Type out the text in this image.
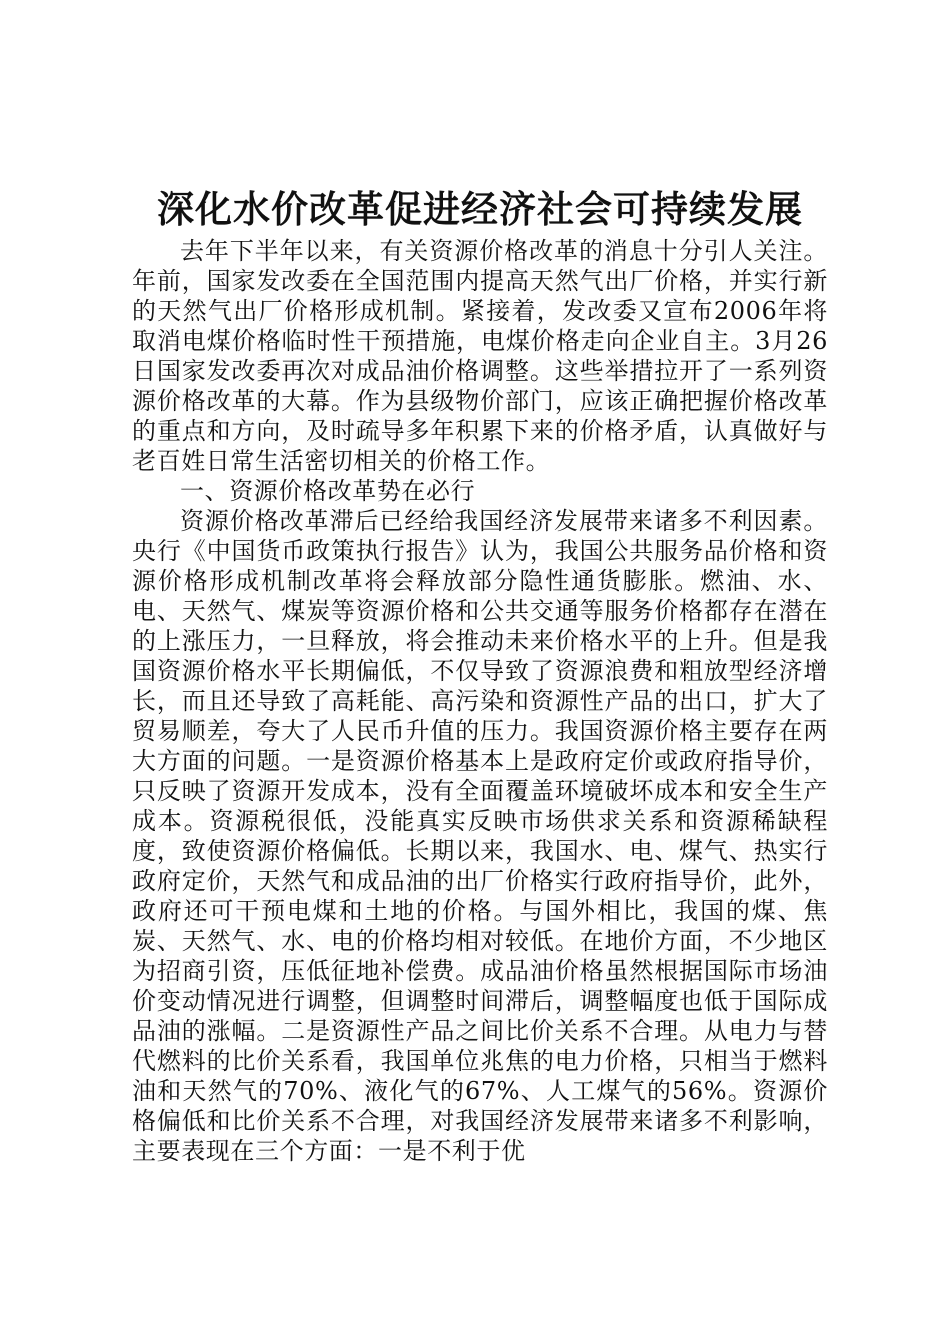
深化水价改革促进经济社会可持续发展

去年下半年以来，有关资源价格改革的消息十分引人关注。年前，国家发改委在全国范围内提高天然气出厂价格，并实行新的天然气出厂价格形成机制。紧接着，发改委又宣布2006年将取消电煤价格临时性干预措施，电煤价格走向企业自主。3月26日国家发改委再次对成品油价格调整。这些举措拉开了一系列资源价格改革的大幕。作为县级物价部门，应该正确把握价格改革的重点和方向，及时疏导多年积累下来的价格矛盾，认真做好与老百姓日常生活密切相关的价格工作。

一、资源价格改革势在必行

资源价格改革滞后已经给我国经济发展带来诸多不利因素。央行《中国货币政策执行报告》认为，我国公共服务品价格和资源价格形成机制改革将会释放部分隐性通货膨胀。燃油、水、电、天然气、煤炭等资源价格和公共交通等服务价格都存在潜在的上涨压力，一旦释放，将会推动未来价格水平的上升。但是我国资源价格水平长期偏低，不仅导致了资源浪费和粗放型经济增长，而且还导致了高耗能、高污染和资源性产品的出口，扩大了贸易顺差，夸大了人民币升值的压力。我国资源价格主要存在两大方面的问题。一是资源价格基本上是政府定价或政府指导价，只反映了资源开发成本，没有全面覆盖环境破坏成本和安全生产成本。资源税很低，没能真实反映市场供求关系和资源稀缺程度，致使资源价格偏低。长期以来，我国水、电、煤气、热实行政府定价，天然气和成品油的出厂价格实行政府指导价，此外，政府还可干预电煤和土地的价格。与国外相比，我国的煤、焦炭、天然气、水、电的价格均相对较低。在地价方面，不少地区为招商引资，压低征地补偿费。成品油价格虽然根据国际市场油价变动情况进行调整，但调整时间滞后，调整幅度也低于国际成品油的涨幅。二是资源性产品之间比价关系不合理。从电力与替代燃料的比价关系看，我国单位兆焦的电力价格，只相当于燃料油和天然气的70%、液化气的67%、人工煤气的56%。资源价格偏低和比价关系不合理，对我国经济发展带来诸多不利影响，主要表现在三个方面：一是不利于优
